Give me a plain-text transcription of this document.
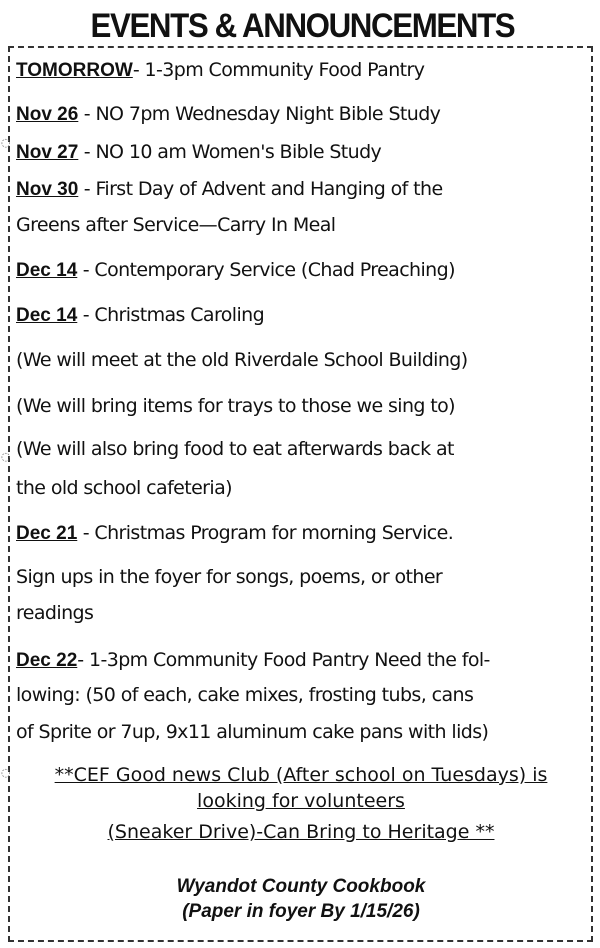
EVENTS & ANNOUNCEMENTS
◌
◌
◌
TOMORROW- 1-3pm Community Food Pantry
Nov 26 - NO 7pm Wednesday Night Bible Study
Nov 27 - NO 10 am Women's Bible Study
Nov 30 - First Day of Advent and Hanging of the
Greens after Service—Carry In Meal
Dec 14 - Contemporary Service (Chad Preaching)
Dec 14 - Christmas Caroling
(We will meet at the old Riverdale School Building)
(We will bring items for trays to those we sing to)
(We will also bring food to eat afterwards back at
the old school cafeteria)
Dec 21 - Christmas Program for morning Service.
Sign ups in the foyer for songs, poems, or other
readings
Dec 22- 1-3pm Community Food Pantry Need the fol-
lowing: (50 of each, cake mixes, frosting tubs, cans
of Sprite or 7up, 9x11 aluminum cake pans with lids)
**CEF Good news Club (After school on Tuesdays) is
looking for volunteers
(Sneaker Drive)-Can Bring to Heritage **
Wyandot County Cookbook
(Paper in foyer By 1/15/26)
